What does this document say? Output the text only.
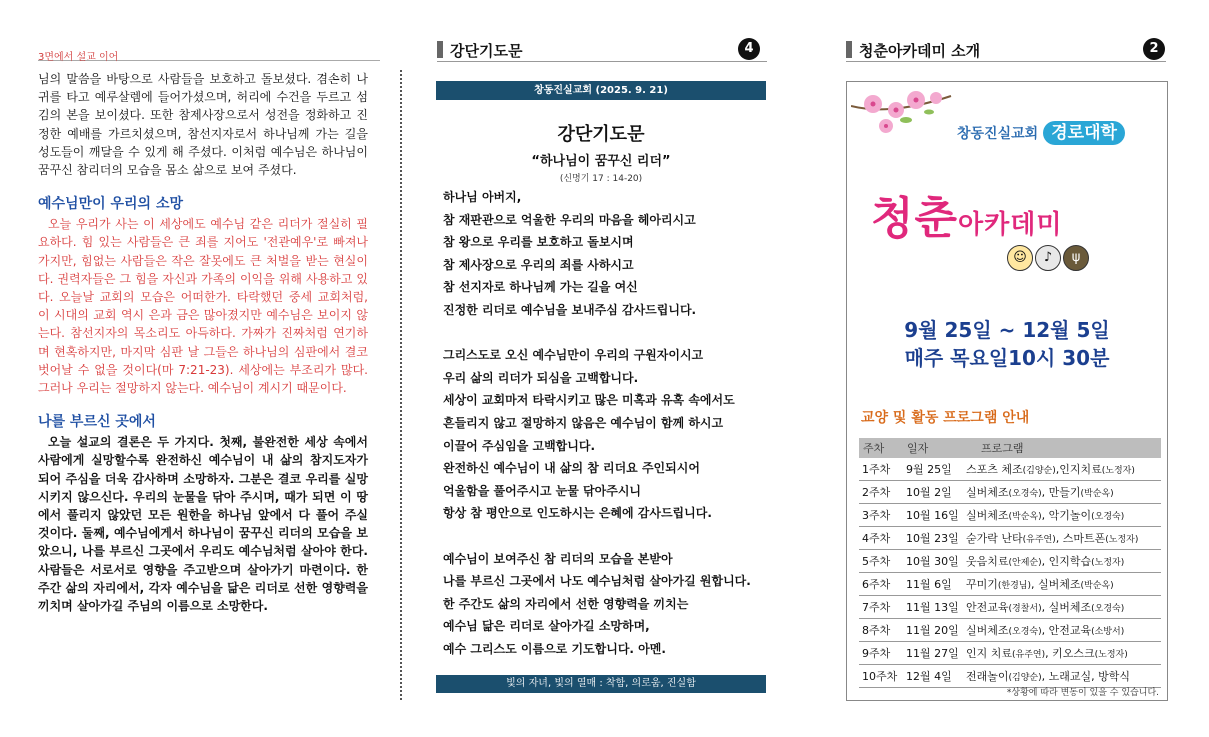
3면에서 설교 이어

님의 말씀을 바탕으로 사람들을 보호하고 돌보셨다. 겸손히 나귀를 타고 예루살렘에 들어가셨으며, 허리에 수건을 두르고 섬김의 본을 보이셨다. 또한 참제사장으로서 성전을 정화하고 진정한 예배를 가르치셨으며, 참선지자로서 하나님께 가는 길을 성도들이 깨달을 수 있게 해 주셨다. 이처럼 예수님은 하나님이 꿈꾸신 참리더의 모습을 몸소 삶으로 보여 주셨다.

예수님만이 우리의 소망

오늘 우리가 사는 이 세상에도 예수님 같은 리더가 절실히 필요하다. 힘 있는 사람들은 큰 죄를 지어도 '전관예우'로 빠져나가지만, 힘없는 사람들은 작은 잘못에도 큰 처벌을 받는 현실이다. 권력자들은 그 힘을 자신과 가족의 이익을 위해 사용하고 있다. 오늘날 교회의 모습은 어떠한가. 타락했던 중세 교회처럼, 이 시대의 교회 역시 은과 금은 많아졌지만 예수님은 보이지 않는다. 참선지자의 목소리도 아득하다. 가짜가 진짜처럼 연기하며 현혹하지만, 마지막 심판 날 그들은 하나님의 심판에서 결코 벗어날 수 없을 것이다(마 7:21-23). 세상에는 부조리가 많다. 그러나 우리는 절망하지 않는다. 예수님이 계시기 때문이다.

나를 부르신 곳에서

오늘 설교의 결론은 두 가지다. 첫째, 불완전한 세상 속에서 사람에게 실망할수록 완전하신 예수님이 내 삶의 참지도자가 되어 주심을 더욱 감사하며 소망하자. 그분은 결코 우리를 실망시키지 않으신다. 우리의 눈물을 닦아 주시며, 때가 되면 이 땅에서 풀리지 않았던 모든 원한을 하나님 앞에서 다 풀어 주실 것이다. 둘째, 예수님에게서 하나님이 꿈꾸신 리더의 모습을 보았으니, 나를 부르신 그곳에서 우리도 예수님처럼 살아야 한다. 사람들은 서로서로 영향을 주고받으며 살아가기 마련이다. 한 주간 삶의 자리에서, 각자 예수님을 닮은 리더로 선한 영향력을 끼치며 살아가길 주님의 이름으로 소망한다.

강단기도문	4
창동진실교회 (2025. 9. 21)
강단기도문
“하나님이 꿈꾸신 리더”
(신명기 17 : 14-20)
하나님 아버지,
참 재판관으로 억울한 우리의 마음을 헤아리시고
참 왕으로 우리를 보호하고 돌보시며
참 제사장으로 우리의 죄를 사하시고
참 선지자로 하나님께 가는 길을 여신
진정한 리더로 예수님을 보내주심 감사드립니다.
그리스도로 오신 예수님만이 우리의 구원자이시고
우리 삶의 리더가 되심을 고백합니다.
세상이 교회마저 타락시키고 많은 미혹과 유혹 속에서도
흔들리지 않고 절망하지 않음은 예수님이 함께 하시고
이끌어 주심임을 고백합니다.
완전하신 예수님이 내 삶의 참 리더요 주인되시어
억울함을 풀어주시고 눈물 닦아주시니
항상 참 평안으로 인도하시는 은혜에 감사드립니다.
예수님이 보여주신 참 리더의 모습을 본받아
나를 부르신 그곳에서 나도 예수님처럼 살아가길 원합니다.
한 주간도 삶의 자리에서 선한 영향력을 끼치는
예수님 닮은 리더로 살아가길 소망하며,
예수 그리스도 이름으로 기도합니다. 아멘.
빛의 자녀, 빛의 열매 : 착함, 의로움, 진실함
청춘아카데미 소개	2
창동진실교회 경로대학
청춘아카데미
☺ ♪ ψ
9월 25일 ~ 12월 5일
매주 목요일10시 30분
교양 및 활동 프로그램 안내
주차	일자	프로그램
1주차	9월 25일	스포츠 체조(김양순),인지치료(노정자)
2주차	10월 2일	실버체조(오경숙), 만들기(박순옥)
3주차	10월 16일	실버체조(박순옥), 악기놀이(오경숙)
4주차	10월 23일	숟가락 난타(유주연), 스마트폰(노정자)
5주차	10월 30일	웃음치료(안제순), 인지학습(노정자)
6주차	11월 6일	꾸미기(한경님), 실버체조(박순옥)
7주차	11월 13일	안전교육(경찰서), 실버체조(오경숙)
8주차	11월 20일	실버체조(오경숙), 안전교육(소방서)
9주차	11월 27일	인지 치료(유주연), 키오스크(노정자)
10주차	12월 4일	전래놀이(김양순), 노래교실, 방학식
*상황에 따라 변동이 있을 수 있습니다.
